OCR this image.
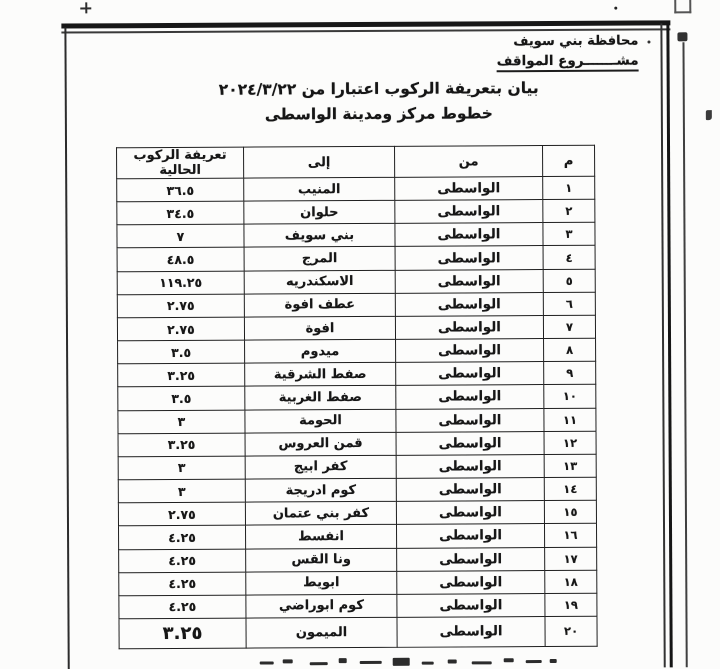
محافظة بني سويف
مشـــــــروع المواقف
بيان بتعريفة الركوب اعتبارا من ٢٠٢٤/٣/٢٢
خطوط مركز ومدينة الواسطى
م	من	إلى	تعريفة الركوب الحالية
١	الواسطى	المنيب	٣٦.٥
٢	الواسطى	حلوان	٣٤.٥
٣	الواسطى	بني سويف	٧
٤	الواسطى	المرج	٤٨.٥
٥	الواسطى	الاسكندريه	١١٩.٢٥
٦	الواسطى	عطف افوة	٢.٧٥
٧	الواسطى	افوة	٢.٧٥
٨	الواسطى	ميدوم	٣.٥
٩	الواسطى	صفط الشرقية	٣.٢٥
١٠	الواسطى	صفط الغربية	٣.٥
١١	الواسطى	الحومة	٣
١٢	الواسطى	قمن العروس	٣.٢٥
١٣	الواسطى	كفر ابيج	٣
١٤	الواسطى	كوم ادريجة	٣
١٥	الواسطى	كفر بني عتمان	٢.٧٥
١٦	الواسطى	انفسط	٤.٢٥
١٧	الواسطى	ونا القس	٤.٢٥
١٨	الواسطى	ابويط	٤.٢٥
١٩	الواسطى	كوم ابوراضي	٤.٢٥
٢٠	الواسطى	الميمون	٣.٢٥
